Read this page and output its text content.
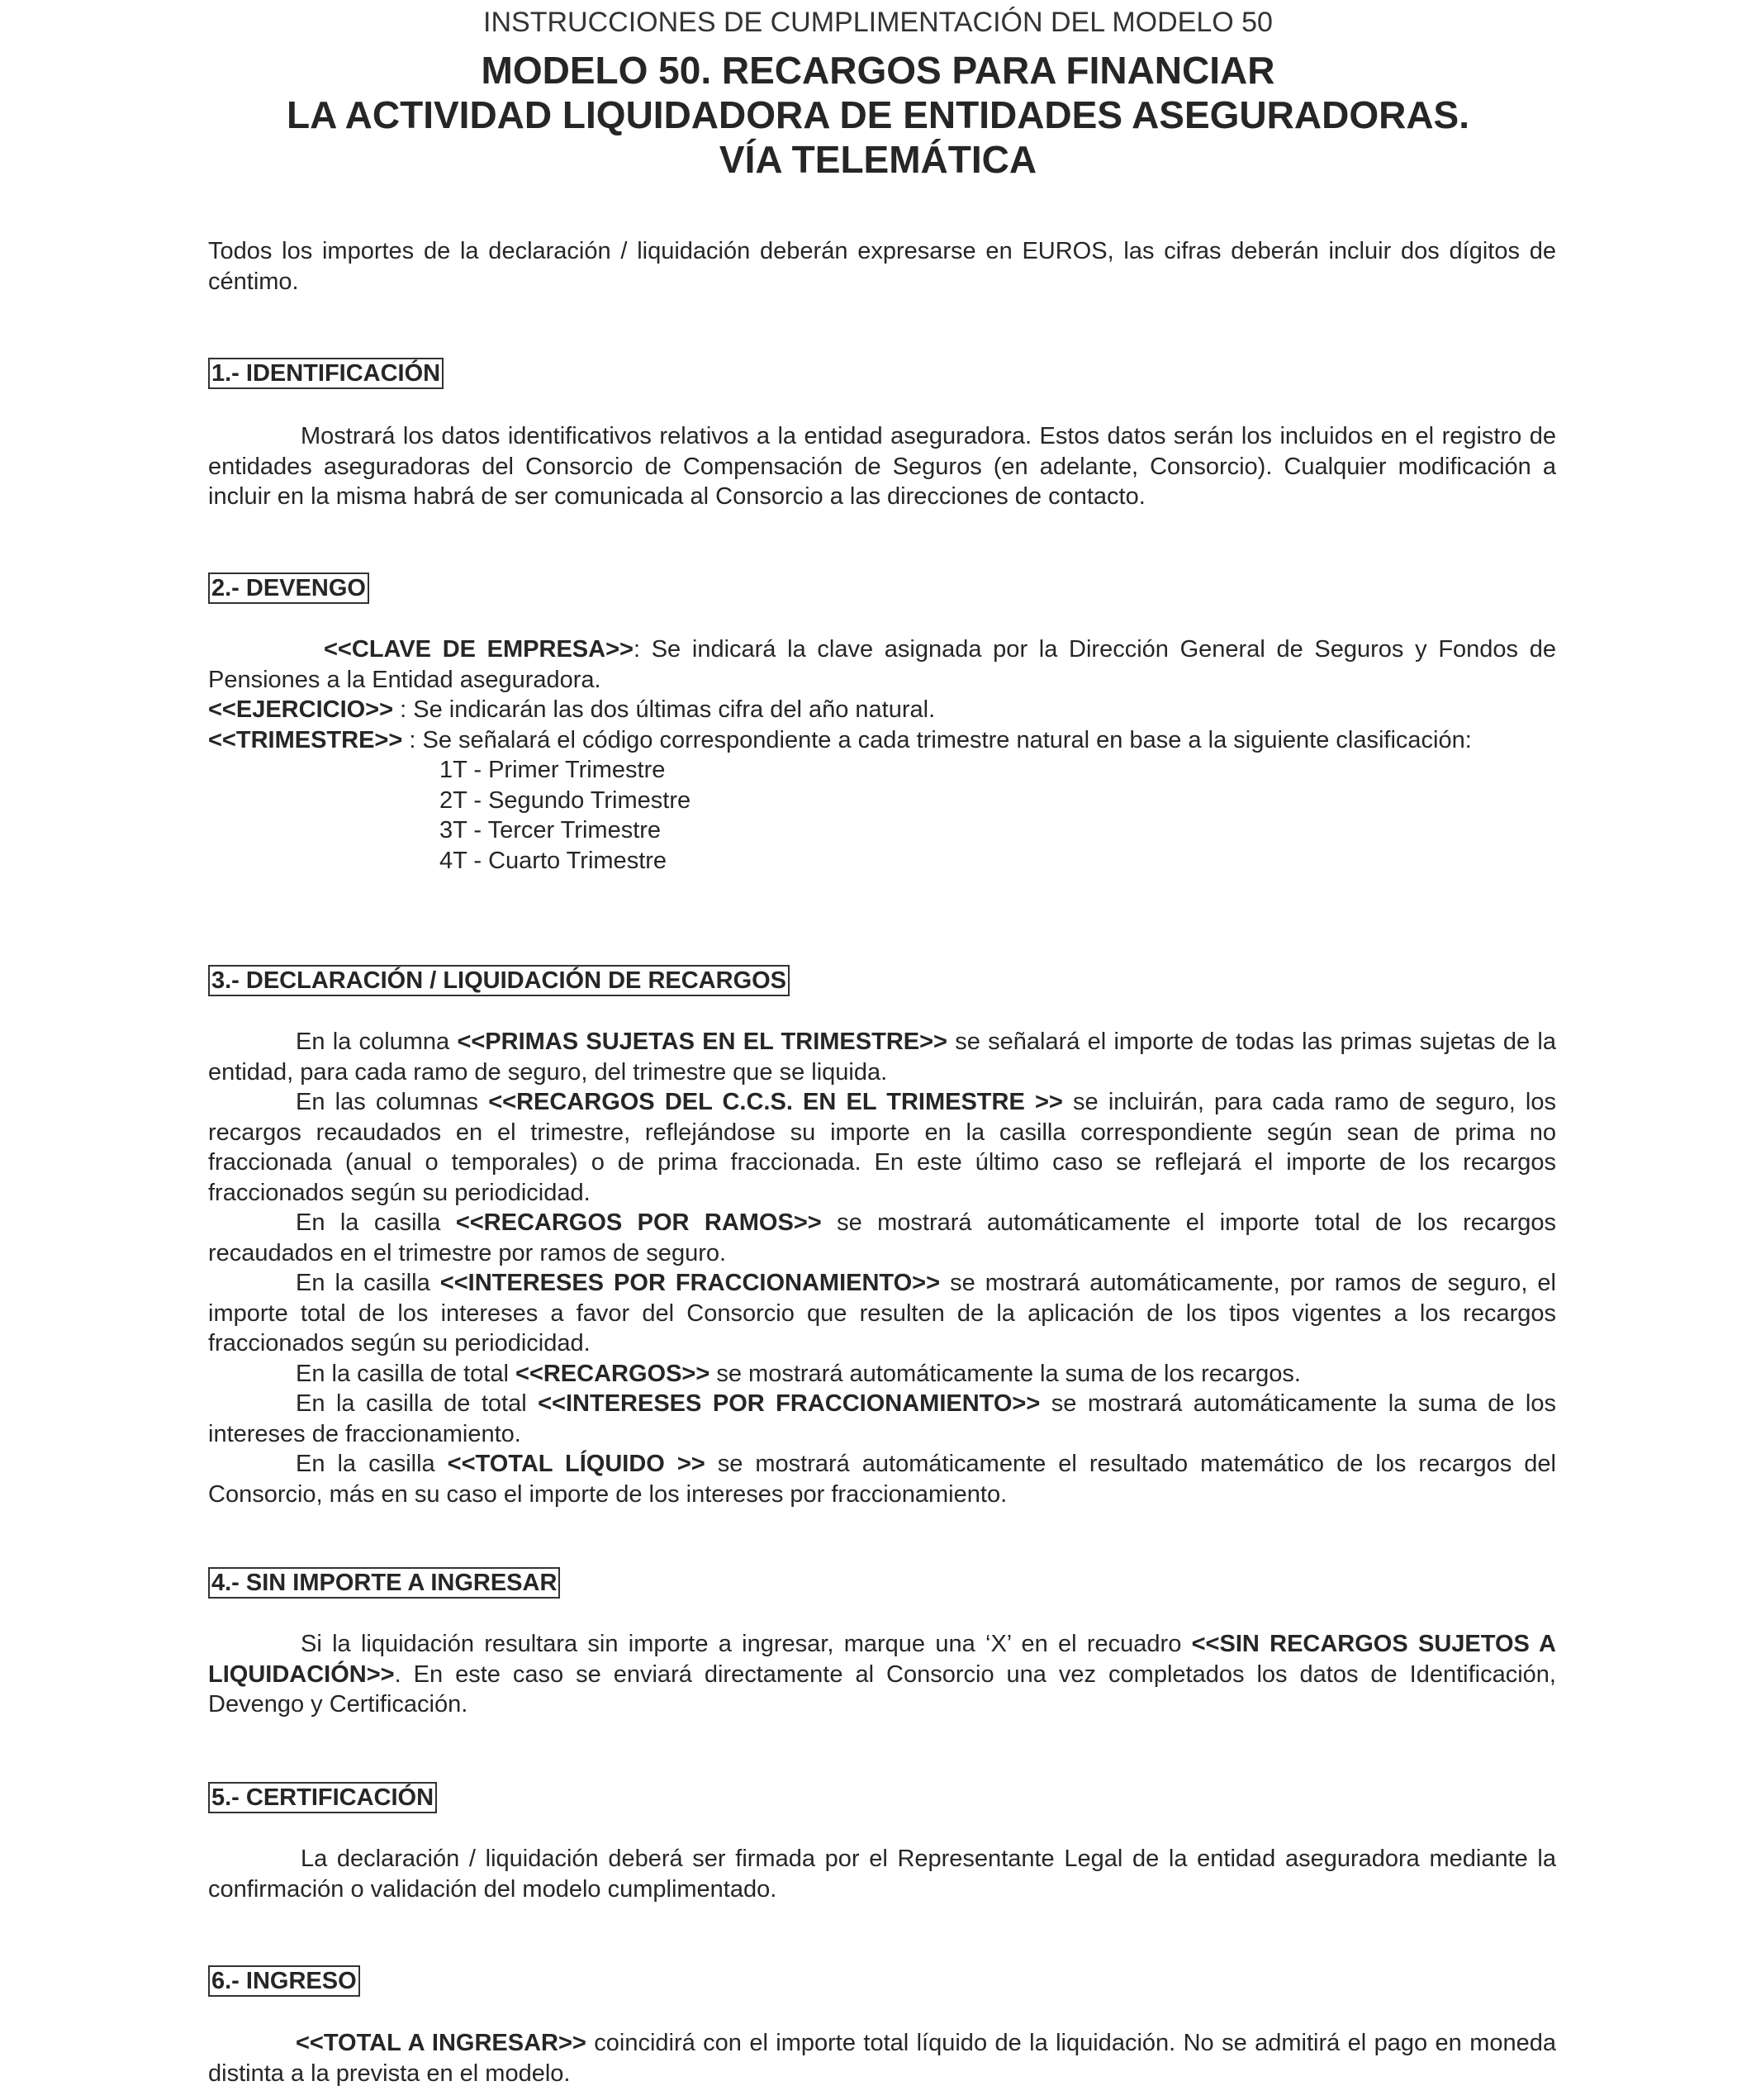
INSTRUCCIONES DE CUMPLIMENTACIÓN DEL MODELO 50

MODELO 50. RECARGOS PARA FINANCIAR
LA ACTIVIDAD LIQUIDADORA DE ENTIDADES ASEGURADORAS.
VÍA TELEMÁTICA

Todos los importes de la declaración / liquidación deberán expresarse en EUROS, las cifras deberán incluir dos dígitos de céntimo.

1.- IDENTIFICACIÓN

Mostrará los datos identificativos relativos a la entidad aseguradora. Estos datos serán los incluidos en el registro de entidades aseguradoras del Consorcio de Compensación de Seguros (en adelante, Consorcio). Cualquier modificación a incluir en la misma habrá de ser comunicada al Consorcio a las direcciones de contacto.

2.- DEVENGO

<<CLAVE DE EMPRESA>>: Se indicará la clave asignada por la Dirección General de Seguros y Fondos de Pensiones a la Entidad aseguradora.

<<EJERCICIO>> : Se indicarán las dos últimas cifra del año natural.

<<TRIMESTRE>> : Se señalará el código correspondiente a cada trimestre natural en base a la siguiente clasificación:

1T - Primer Trimestre
2T - Segundo Trimestre
3T - Tercer Trimestre
4T - Cuarto Trimestre
3.- DECLARACIÓN / LIQUIDACIÓN DE RECARGOS

En la columna <<PRIMAS SUJETAS EN EL TRIMESTRE>> se señalará el importe de todas las primas sujetas de la entidad, para cada ramo de seguro, del trimestre que se liquida.

En las columnas <<RECARGOS DEL C.C.S. EN EL TRIMESTRE >> se incluirán, para cada ramo de seguro, los recargos recaudados en el trimestre, reflejándose su importe en la casilla correspondiente según sean de prima no fraccionada (anual o temporales) o de prima fraccionada. En este último caso se reflejará el importe de los recargos fraccionados según su periodicidad.

En la casilla <<RECARGOS POR RAMOS>> se mostrará automáticamente el importe total de los recargos recaudados en el trimestre por ramos de seguro.

En la casilla <<INTERESES POR FRACCIONAMIENTO>> se mostrará automáticamente, por ramos de seguro, el importe total de los intereses a favor del Consorcio que resulten de la aplicación de los tipos vigentes a los recargos fraccionados según su periodicidad.

En la casilla de total <<RECARGOS>> se mostrará automáticamente la suma de los recargos.

En la casilla de total <<INTERESES POR FRACCIONAMIENTO>> se mostrará automáticamente la suma de los intereses de fraccionamiento.

En la casilla <<TOTAL LÍQUIDO >> se mostrará automáticamente el resultado matemático de los recargos del Consorcio, más en su caso el importe de los intereses por fraccionamiento.

4.- SIN IMPORTE A INGRESAR

Si la liquidación resultara sin importe a ingresar, marque una ‘X’ en el recuadro <<SIN RECARGOS SUJETOS A LIQUIDACIÓN>>. En este caso se enviará directamente al Consorcio una vez completados los datos de Identificación, Devengo y Certificación.

5.- CERTIFICACIÓN

La declaración / liquidación deberá ser firmada por el Representante Legal de la entidad aseguradora mediante la confirmación o validación del modelo cumplimentado.

6.- INGRESO

<<TOTAL A INGRESAR>> coincidirá con el importe total líquido de la liquidación. No se admitirá el pago en moneda distinta a la prevista en el modelo.
